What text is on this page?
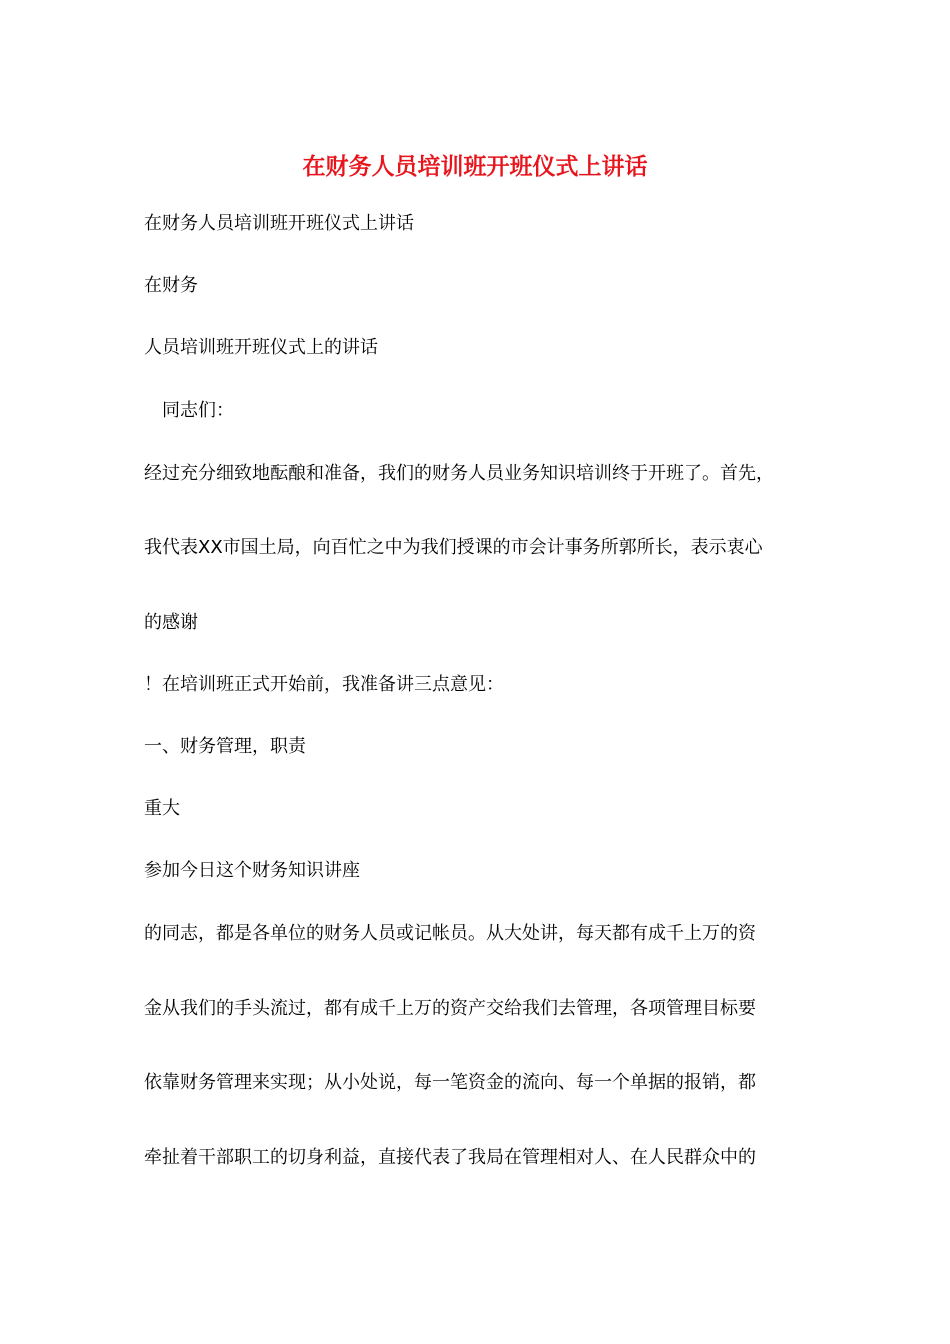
在财务人员培训班开班仪式上讲话
在财务人员培训班开班仪式上讲话
在财务
人员培训班开班仪式上的讲话
　同志们：
经过充分细致地酝酿和准备，我们的财务人员业务知识培训终于开班了。首先，
我代表ⅩⅩ市国土局，向百忙之中为我们授课的市会计事务所郭所长，表示衷心
的感谢
！在培训班正式开始前，我准备讲三点意见：
一、财务管理，职责
重大
参加今日这个财务知识讲座
的同志，都是各单位的财务人员或记帐员。从大处讲，每天都有成千上万的资
金从我们的手头流过，都有成千上万的资产交给我们去管理，各项管理目标要
依靠财务管理来实现；从小处说，每一笔资金的流向、每一个单据的报销，都
牵扯着干部职工的切身利益，直接代表了我局在管理相对人、在人民群众中的
